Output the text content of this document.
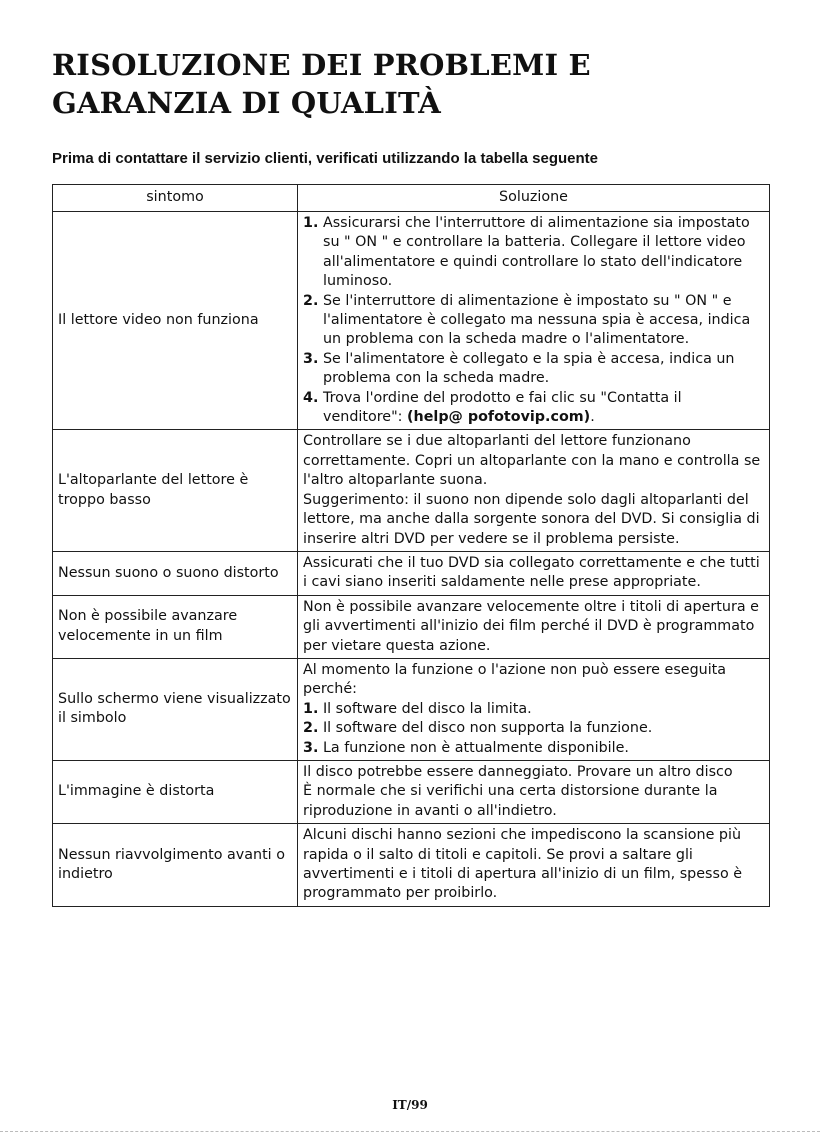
RISOLUZIONE DEI PROBLEMI E GARANZIA DI QUALITÀ

Prima di contattare il servizio clienti, verificati utilizzando la tabella seguente

sintomo	Soluzione
Il lettore video non funziona	1. Assicurarsi che l'interruttore di alimentazione sia impostato su " ON " e controllare la batteria. Collegare il lettore video all'alimentatore e quindi controllare lo stato dell'indicatore luminoso.
2. Se l'interruttore di alimentazione è impostato su " ON " e l'alimentatore è collegato ma nessuna spia è accesa, indica un problema con la scheda madre o l'alimentatore.
3. Se l'alimentatore è collegato e la spia è accesa, indica un problema con la scheda madre.
4. Trova l'ordine del prodotto e fai clic su "Contatta il venditore": (help@ pofotovip.com).

L'altoparlante del lettore è troppo basso	Controllare se i due altoparlanti del lettore funzionano correttamente. Copri un altoparlante con la mano e controlla se l'altro altoparlante suona.
Suggerimento: il suono non dipende solo dagli altoparlanti del lettore, ma anche dalla sorgente sonora del DVD. Si consiglia di inserire altri DVD per vedere se il problema persiste.

Nessun suono o suono distorto	Assicurati che il tuo DVD sia collegato correttamente e che tutti i cavi siano inseriti saldamente nelle prese appropriate.
Non è possibile avanzare velocemente in un film	Non è possibile avanzare velocemente oltre i titoli di apertura e gli avvertimenti all'inizio dei film perché il DVD è programmato per vietare questa azione.
Sullo schermo viene visualizzato il simbolo	Al momento la funzione o l'azione non può essere eseguita perché:
1. Il software del disco la limita.
2. Il software del disco non supporta la funzione.
3. La funzione non è attualmente disponibile.

L'immagine è distorta	Il disco potrebbe essere danneggiato. Provare un altro disco
È normale che si verifichi una certa distorsione durante la riproduzione in avanti o all'indietro.

Nessun riavvolgimento avanti o indietro	Alcuni dischi hanno sezioni che impediscono la scansione più rapida o il salto di titoli e capitoli. Se provi a saltare gli avvertimenti e i titoli di apertura all'inizio di un film, spesso è programmato per proibirlo.
IT/99
